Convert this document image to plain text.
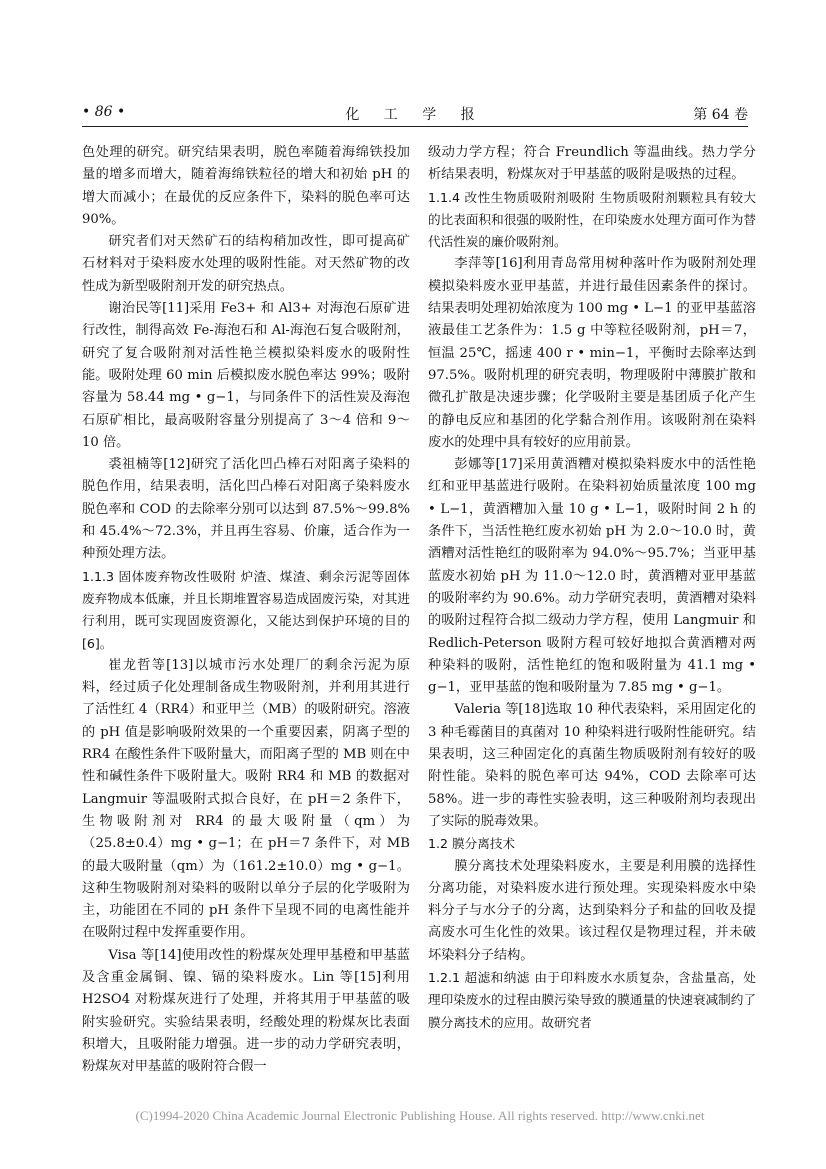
• 86 •	化 工 学 报	第 64 卷

色处理的研究。研究结果表明，脱色率随着海绵铁投加量的增多而增大，随着海绵铁粒径的增大和初始 pH 的增大而减小；在最优的反应条件下，染料的脱色率可达 90%。

研究者们对天然矿石的结构稍加改性，即可提高矿石材料对于染料废水处理的吸附性能。对天然矿物的改性成为新型吸附剂开发的研究热点。

谢治民等[11]采用 Fe3+ 和 Al3+ 对海泡石原矿进行改性，制得高效 Fe-海泡石和 Al-海泡石复合吸附剂，研究了复合吸附剂对活性艳兰模拟染料废水的吸附性能。吸附处理 60 min 后模拟废水脱色率达 99%；吸附容量为 58.44 mg • g−1，与同条件下的活性炭及海泡石原矿相比，最高吸附容量分别提高了 3～4 倍和 9～10 倍。

裘祖楠等[12]研究了活化凹凸棒石对阳离子染料的脱色作用，结果表明，活化凹凸棒石对阳离子染料废水脱色率和 COD 的去除率分别可以达到 87.5%～99.8%和 45.4%～72.3%，并且再生容易、价廉，适合作为一种预处理方法。

1.1.3 固体废弃物改性吸附 炉渣、煤渣、剩余污泥等固体废弃物成本低廉，并且长期堆置容易造成固废污染，对其进行利用，既可实现固废资源化，又能达到保护环境的目的[6]。

崔龙哲等[13]以城市污水处理厂的剩余污泥为原料，经过质子化处理制备成生物吸附剂，并利用其进行了活性红 4（RR4）和亚甲兰（MB）的吸附研究。溶液的 pH 值是影响吸附效果的一个重要因素，阴离子型的 RR4 在酸性条件下吸附量大，而阳离子型的 MB 则在中性和碱性条件下吸附量大。吸附 RR4 和 MB 的数据对 Langmuir 等温吸附式拟合良好，在 pH＝2 条件下，生物吸附剂对 RR4 的最大吸附量（qm）为（25.8±0.4）mg • g−1；在 pH＝7 条件下，对 MB 的最大吸附量（qm）为（161.2±10.0）mg • g−1。这种生物吸附剂对染料的吸附以单分子层的化学吸附为主，功能团在不同的 pH 条件下呈现不同的电离性能并在吸附过程中发挥重要作用。

Visa 等[14]使用改性的粉煤灰处理甲基橙和甲基蓝及含重金属铜、镍、镉的染料废水。Lin 等[15]利用 H2SO4 对粉煤灰进行了处理，并将其用于甲基蓝的吸附实验研究。实验结果表明，经酸处理的粉煤灰比表面积增大，且吸附能力增强。进一步的动力学研究表明，粉煤灰对甲基蓝的吸附符合假一

级动力学方程；符合 Freundlich 等温曲线。热力学分析结果表明，粉煤灰对于甲基蓝的吸附是吸热的过程。

1.1.4 改性生物质吸附剂吸附 生物质吸附剂颗粒具有较大的比表面积和很强的吸附性，在印染废水处理方面可作为替代活性炭的廉价吸附剂。

李萍等[16]利用青岛常用树种落叶作为吸附剂处理模拟染料废水亚甲基蓝，并进行最佳因素条件的探讨。结果表明处理初始浓度为 100 mg • L−1 的亚甲基蓝溶液最佳工艺条件为：1.5 g 中等粒径吸附剂，pH＝7，恒温 25℃，摇速 400 r • min−1，平衡时去除率达到 97.5%。吸附机理的研究表明，物理吸附中薄膜扩散和微孔扩散是决速步骤；化学吸附主要是基团质子化产生的静电反应和基团的化学黏合剂作用。该吸附剂在染料废水的处理中具有较好的应用前景。

彭娜等[17]采用黄酒糟对模拟染料废水中的活性艳红和亚甲基蓝进行吸附。在染料初始质量浓度 100 mg • L−1，黄酒糟加入量 10 g • L−1，吸附时间 2 h 的条件下，当活性艳红废水初始 pH 为 2.0～10.0 时，黄酒糟对活性艳红的吸附率为 94.0%～95.7%；当亚甲基蓝废水初始 pH 为 11.0～12.0 时，黄酒糟对亚甲基蓝的吸附率约为 90.6%。动力学研究表明，黄酒糟对染料的吸附过程符合拟二级动力学方程，使用 Langmuir 和 Redlich-Peterson 吸附方程可较好地拟合黄酒糟对两种染料的吸附，活性艳红的饱和吸附量为 41.1 mg • g−1，亚甲基蓝的饱和吸附量为 7.85 mg • g−1。

Valeria 等[18]选取 10 种代表染料，采用固定化的 3 种毛霉菌目的真菌对 10 种染料进行吸附性能研究。结果表明，这三种固定化的真菌生物质吸附剂有较好的吸附性能。染料的脱色率可达 94%，COD 去除率可达 58%。进一步的毒性实验表明，这三种吸附剂均表现出了实际的脱毒效果。

1.2 膜分离技术

膜分离技术处理染料废水，主要是利用膜的选择性分离功能，对染料废水进行预处理。实现染料废水中染料分子与水分子的分离，达到染料分子和盐的回收及提高废水可生化性的效果。该过程仅是物理过程，并未破坏染料分子结构。

1.2.1 超滤和纳滤 由于印料废水水质复杂，含盐量高，处理印染废水的过程由膜污染导致的膜通量的快速衰减制约了膜分离技术的应用。故研究者

(C)1994-2020 China Academic Journal Electronic Publishing House. All rights reserved. http://www.cnki.net
